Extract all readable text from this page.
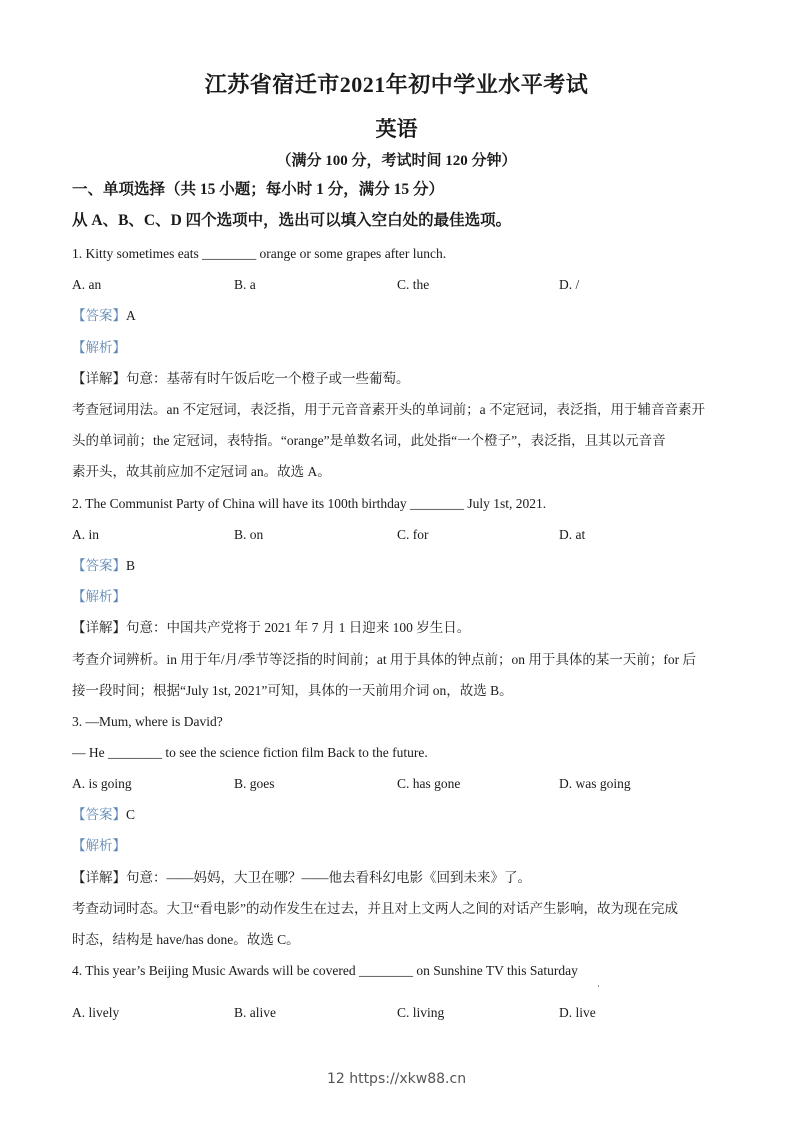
江苏省宿迁市2021年初中学业水平考试
英语
（满分 100 分，考试时间 120 分钟）
一、单项选择（共 15 小题；每小时 1 分，满分 15 分）
从 A、B、C、D 四个选项中，选出可以填入空白处的最佳选项。
1. Kitty sometimes eats ________ orange or some grapes after lunch.
A. an	B. a	C. the	D. /
【答案】A
【解析】
【详解】句意：基蒂有时午饭后吃一个橙子或一些葡萄。
考查冠词用法。an 不定冠词，表泛指，用于元音音素开头的单词前；a 不定冠词，表泛指，用于辅音音素开
头的单词前；the 定冠词，表特指。“orange”是单数名词，此处指“一个橙子”，表泛指，且其以元音音
素开头，故其前应加不定冠词 an。故选 A。
2. The Communist Party of China will have its 100th birthday ________ July 1st, 2021.
A. in	B. on	C. for	D. at
【答案】B
【解析】
【详解】句意：中国共产党将于 2021 年 7 月 1 日迎来 100 岁生日。
考查介词辨析。in 用于年/月/季节等泛指的时间前；at 用于具体的钟点前；on 用于具体的某一天前；for 后
接一段时间；根据“July 1st, 2021”可知，具体的一天前用介词 on，故选 B。
3. —Mum, where is David?
— He ________ to see the science fiction film Back to the future.
A. is going	B. goes	C. has gone	D. was going
【答案】C
【解析】
【详解】句意：——妈妈，大卫在哪？——他去看科幻电影《回到未来》了。
考查动词时态。大卫“看电影”的动作发生在过去，并且对上文两人之间的对话产生影响，故为现在完成
时态，结构是 have/has done。故选 C。
4. This year’s Beijing Music Awards will be covered ________ on Sunshine TV this Saturday
A. lively	B. alive	C. living	D. live
12 https://xkw88.cn
